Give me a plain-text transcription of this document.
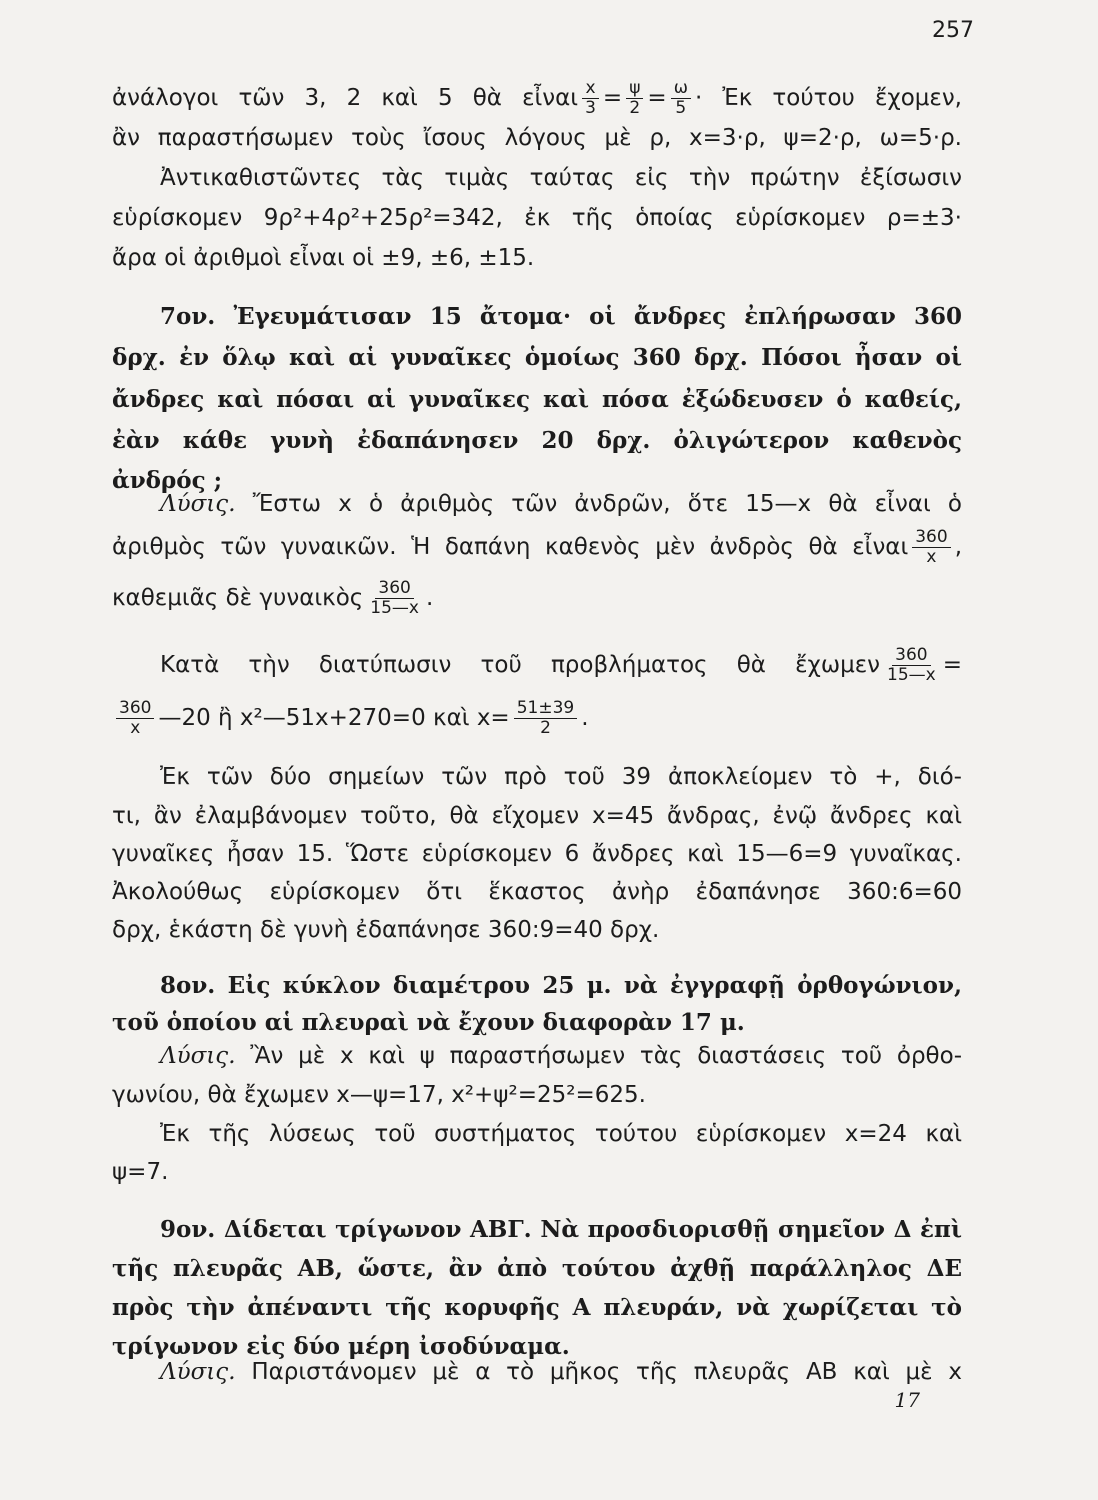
257
ἀνάλογοι τῶν 3, 2 καὶ 5 θὰ εἶναι $\frac{x}{3} = \frac{\psi}{2} = \frac{\omega}{5}$ · Ἐκ τούτου ἔχομεν,
ἂν παραστήσωμεν τοὺς ἴσους λόγους μὲ ρ, x=3·ρ, ψ=2·ρ, ω=5·ρ.
Ἀντικαθιστῶντες τὰς τιμὰς ταύτας εἰς τὴν πρώτην ἐξίσωσιν
εὑρίσκομεν 9ρ²+4ρ²+25ρ²=342, ἐκ τῆς ὁποίας εὑρίσκομεν ρ=±3·
ἄρα οἱ ἀριθμοὶ εἶναι οἱ ±9, ±6, ±15.
7ον. Ἐγευμάτισαν 15 ἄτομα· οἱ ἄνδρες ἐπλήρωσαν 360
δρχ. ἐν ὅλῳ καὶ αἱ γυναῖκες ὁμοίως 360 δρχ. Πόσοι ἦσαν οἱ
ἄνδρες καὶ πόσαι αἱ γυναῖκες καὶ πόσα ἐξώδευσεν ὁ καθείς,
ἐὰν κάθε γυνὴ ἐδαπάνησεν 20 δρχ. ὀλιγώτερον καθενὸς
ἀνδρός ;
Λύσις. Ἔστω x ὁ ἀριθμὸς τῶν ἀνδρῶν, ὅτε 15—x θὰ εἶναι ὁ
ἀριθμὸς τῶν γυναικῶν. Ἡ δαπάνη καθενὸς μὲν ἀνδρὸς θὰ εἶναι $\frac{360}{x}$ ,
καθεμιᾶς δὲ γυναικὸς $\frac{360}{15—x}$ .
Κατὰ τὴν διατύπωσιν τοῦ προβλήματος θὰ ἔχωμεν $\frac{360}{15—x}$ =
$\frac{360}{x}$ —20 ἢ x²—51x+270=0 καὶ $x= \frac{51\pm 39}{2}$ .
Ἐκ τῶν δύο σημείων τῶν πρὸ τοῦ 39 ἀποκλείομεν τὸ +, διό-
τι, ἂν ἐλαμβάνομεν τοῦτο, θὰ εἴχομεν x=45 ἄνδρας, ἐνῷ ἄνδρες καὶ
γυναῖκες ἦσαν 15. Ὥστε εὑρίσκομεν 6 ἄνδρες καὶ 15—6=9 γυναῖκας.
Ἀκολούθως εὑρίσκομεν ὅτι ἕκαστος ἀνὴρ ἐδαπάνησε 360:6=60
δρχ, ἑκάστη δὲ γυνὴ ἐδαπάνησε 360:9=40 δρχ.
8ον. Εἰς κύκλον διαμέτρου 25 μ. νὰ ἐγγραφῇ ὀρθογώνιον,
τοῦ ὁποίου αἱ πλευραὶ νὰ ἔχουν διαφορὰν 17 μ.
Λύσις. Ἂν μὲ x καὶ ψ παραστήσωμεν τὰς διαστάσεις τοῦ ὀρθο-
γωνίου, θὰ ἔχωμεν x—ψ=17, x²+ψ²=25²=625.
Ἐκ τῆς λύσεως τοῦ συστήματος τούτου εὑρίσκομεν x=24 καὶ
ψ=7.
9ον. Δίδεται τρίγωνον ΑΒΓ. Νὰ προσδιορισθῇ σημεῖον Δ ἐπὶ
τῆς πλευρᾶς ΑΒ, ὥστε, ἂν ἀπὸ τούτου ἀχθῇ παράλληλος ΔΕ
πρὸς τὴν ἀπέναντι τῆς κορυφῆς Α πλευράν, νὰ χωρίζεται τὸ
τρίγωνον εἰς δύο μέρη ἰσοδύναμα.
Λύσις. Παριστάνομεν μὲ α τὸ μῆκος τῆς πλευρᾶς ΑΒ καὶ μὲ x
17
